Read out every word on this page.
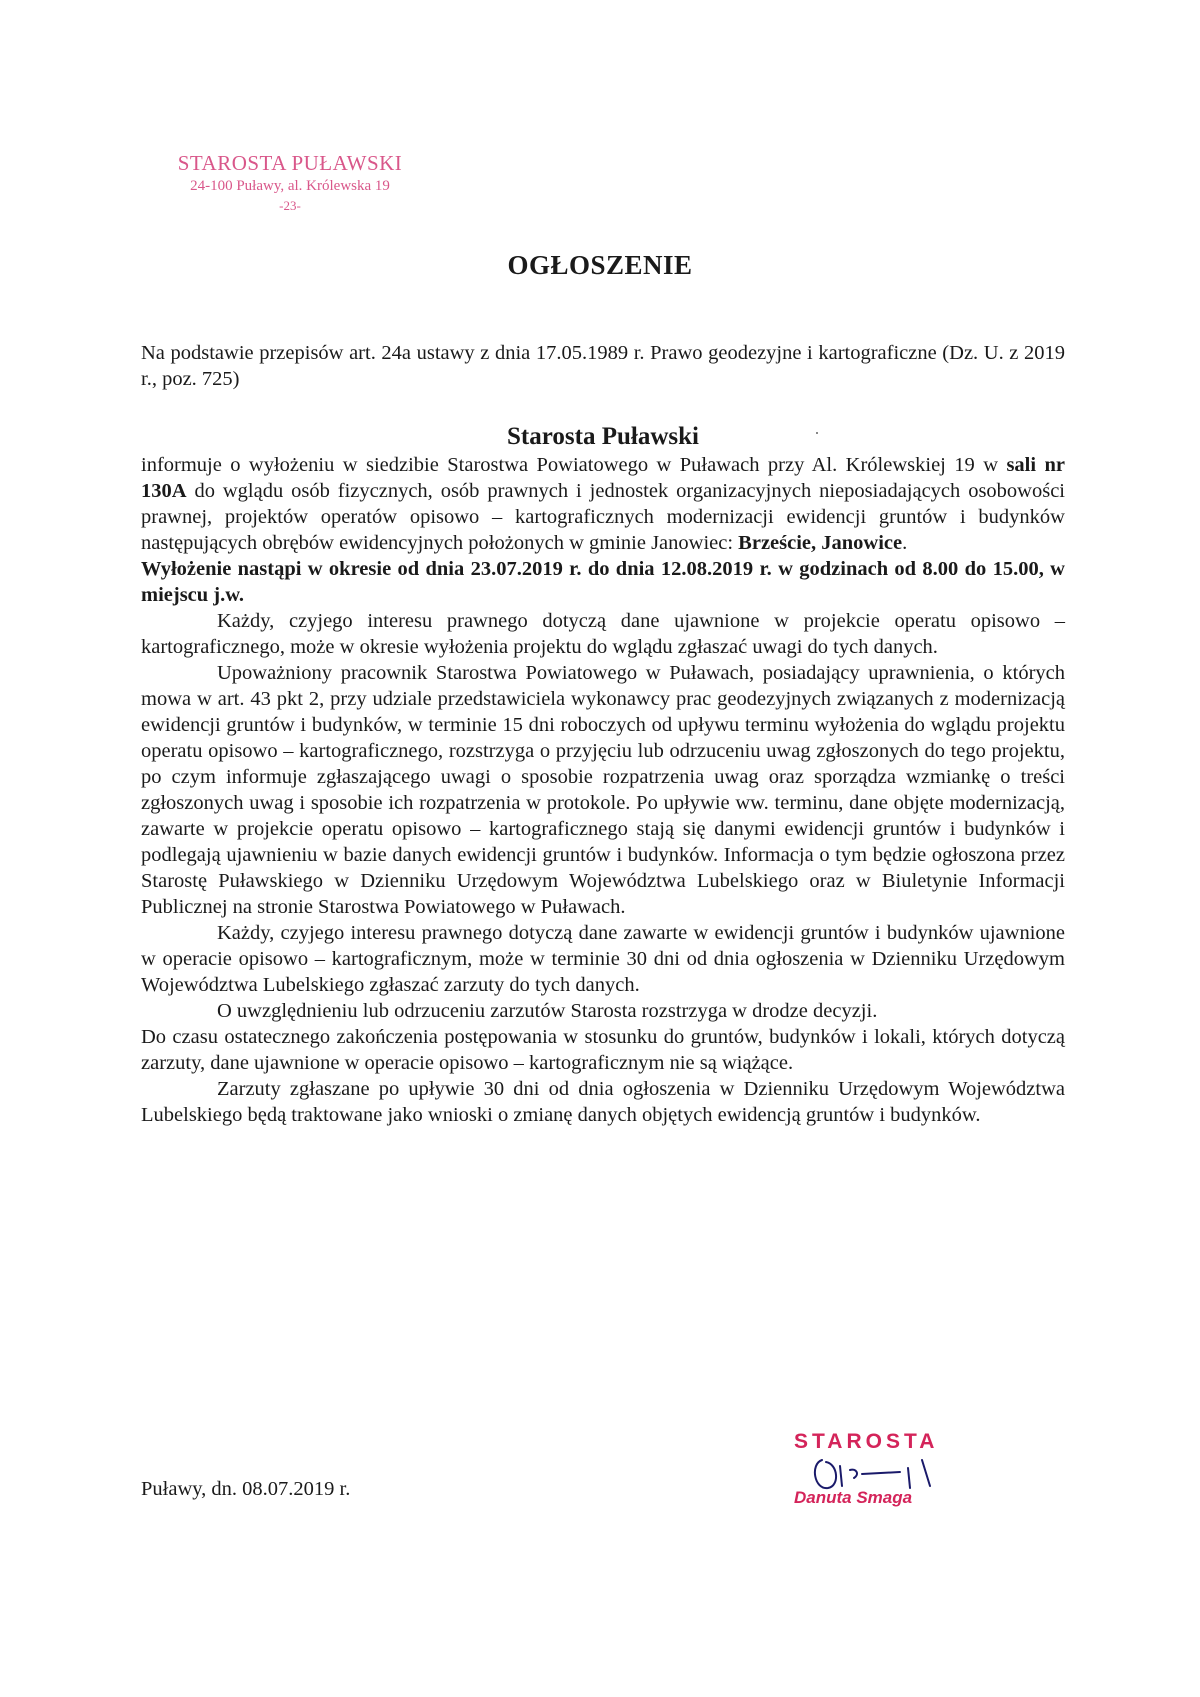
STAROSTA PUŁAWSKI
24-100 Puławy, al. Królewska 19
-23-
OGŁOSZENIE

Na podstawie przepisów art. 24a ustawy z dnia 17.05.1989 r. Prawo geodezyjne i kartograficzne (Dz. U. z 2019 r., poz. 725)

Starosta Puławski

informuje o wyłożeniu w siedzibie Starostwa Powiatowego w Puławach przy Al. Królewskiej 19 w sali nr 130A do wglądu osób fizycznych, osób prawnych i jednostek organizacyjnych nieposiadających osobowości prawnej, projektów operatów opisowo – kartograficznych modernizacji ewidencji gruntów i budynków następujących obrębów ewidencyjnych położonych w gminie Janowiec: Brzeście, Janowice.

Wyłożenie nastąpi w okresie od dnia 23.07.2019 r. do dnia 12.08.2019 r. w godzinach od 8.00 do 15.00, w miejscu j.w.

Każdy, czyjego interesu prawnego dotyczą dane ujawnione w projekcie operatu opisowo – kartograficznego, może w okresie wyłożenia projektu do wglądu zgłaszać uwagi do tych danych.

Upoważniony pracownik Starostwa Powiatowego w Puławach, posiadający uprawnienia, o których mowa w art. 43 pkt 2, przy udziale przedstawiciela wykonawcy prac geodezyjnych związanych z modernizacją ewidencji gruntów i budynków, w terminie 15 dni roboczych od upływu terminu wyłożenia do wglądu projektu operatu opisowo – kartograficznego, rozstrzyga o przyjęciu lub odrzuceniu uwag zgłoszonych do tego projektu, po czym informuje zgłaszającego uwagi o sposobie rozpatrzenia uwag oraz sporządza wzmiankę o treści zgłoszonych uwag i sposobie ich rozpatrzenia w protokole. Po upływie ww. terminu, dane objęte modernizacją, zawarte w projekcie operatu opisowo – kartograficznego stają się danymi ewidencji gruntów i budynków i podlegają ujawnieniu w bazie danych ewidencji gruntów i budynków. Informacja o tym będzie ogłoszona przez Starostę Puławskiego w Dzienniku Urzędowym Województwa Lubelskiego oraz w Biuletynie Informacji Publicznej na stronie Starostwa Powiatowego w Puławach.

Każdy, czyjego interesu prawnego dotyczą dane zawarte w ewidencji gruntów i budynków ujawnione w operacie opisowo – kartograficznym, może w terminie 30 dni od dnia ogłoszenia w Dzienniku Urzędowym Województwa Lubelskiego zgłaszać zarzuty do tych danych.

O uwzględnieniu lub odrzuceniu zarzutów Starosta rozstrzyga w drodze decyzji.

Do czasu ostatecznego zakończenia postępowania w stosunku do gruntów, budynków i lokali, których dotyczą zarzuty, dane ujawnione w operacie opisowo – kartograficznym nie są wiążące.

Zarzuty zgłaszane po upływie 30 dni od dnia ogłoszenia w Dzienniku Urzędowym Województwa Lubelskiego będą traktowane jako wnioski o zmianę danych objętych ewidencją gruntów i budynków.

Puławy, dn. 08.07.2019 r.
STAROSTA
Danuta Smaga
